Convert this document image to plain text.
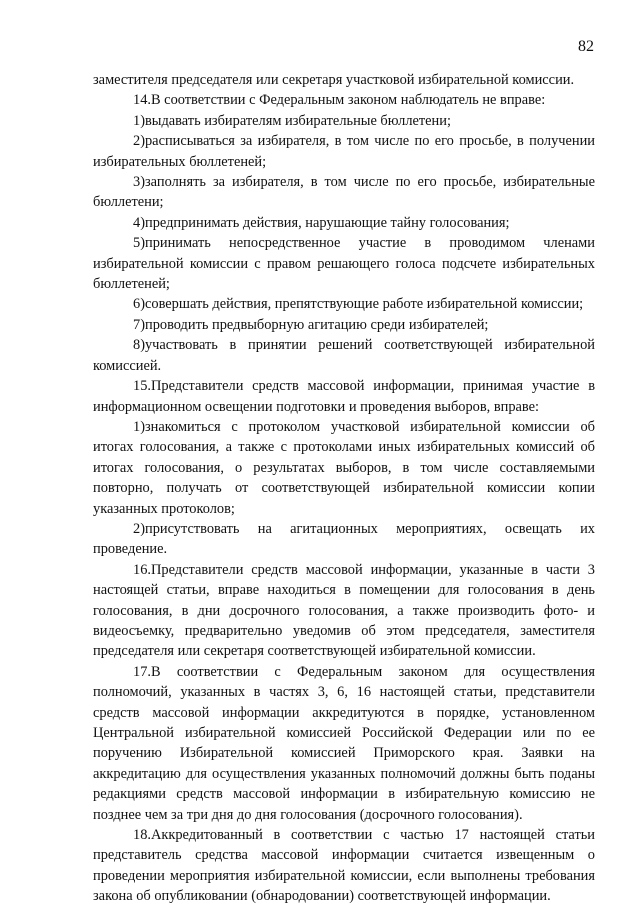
82

заместителя председателя или секретаря участковой избирательной комиссии.

14.В соответствии с Федеральным законом наблюдатель не вправе:

1)выдавать избирателям избирательные бюллетени;

2)расписываться за избирателя, в том числе по его просьбе, в получении избирательных бюллетеней;

3)заполнять за избирателя, в том числе по его просьбе, избирательные бюллетени;

4)предпринимать действия, нарушающие тайну голосования;

5)принимать непосредственное участие в проводимом членами избирательной комиссии с правом решающего голоса подсчете избирательных бюллетеней;

6)совершать действия, препятствующие работе избирательной комиссии;

7)проводить предвыборную агитацию среди избирателей;

8)участвовать в принятии решений соответствующей избирательной комиссией.

15.Представители средств массовой информации, принимая участие в информационном освещении подготовки и проведения выборов, вправе:

1)знакомиться с протоколом участковой избирательной комиссии об итогах голосования, а также с протоколами иных избирательных комиссий об итогах голосования, о результатах выборов, в том числе составляемыми повторно, получать от соответствующей избирательной комиссии копии указанных протоколов;

2)присутствовать на агитационных мероприятиях, освещать их проведение.

16.Представители средств массовой информации, указанные в части 3 настоящей статьи, вправе находиться в помещении для голосования в день голосования, в дни досрочного голосования, а также производить фото- и видеосъемку, предварительно уведомив об этом председателя, заместителя председателя или секретаря соответствующей избирательной комиссии.

17.В соответствии с Федеральным законом для осуществления полномочий, указанных в частях 3, 6, 16 настоящей статьи, представители средств массовой информации аккредитуются в порядке, установленном Центральной избирательной комиссией Российской Федерации или по ее поручению Избирательной комиссией Приморского края. Заявки на аккредитацию для осуществления указанных полномочий должны быть поданы редакциями средств массовой информации в избирательную комиссию не позднее чем за три дня до дня голосования (досрочного голосования).

18.Аккредитованный в соответствии с частью 17 настоящей статьи представитель средства массовой информации считается извещенным о проведении мероприятия избирательной комиссии, если выполнены требования закона об опубликовании (обнародовании) соответствующей информации.
